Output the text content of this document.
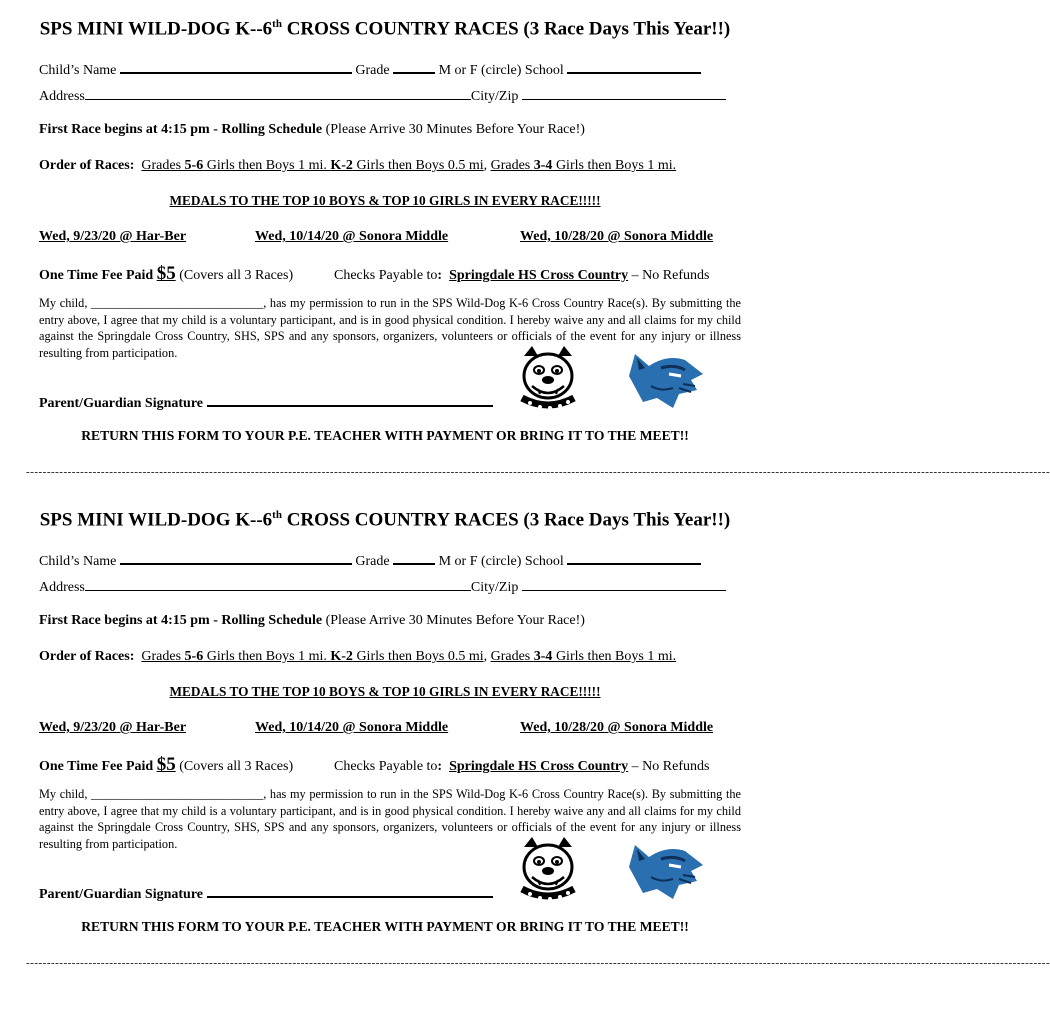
SPS MINI WILD-DOG K--6th CROSS COUNTRY RACES (3 Race Days This Year!!)
Child’s Name	Grade	M or F (circle) School
Address	City/Zip
First Race begins at 4:15 pm - Rolling Schedule (Please Arrive 30 Minutes Before Your Race!)
Order of Races: Grades 5-6 Girls then Boys 1 mi. K-2 Girls then Boys 0.5 mi, Grades 3-4 Girls then Boys 1 mi.
MEDALS TO THE TOP 10 BOYS & TOP 10 GIRLS IN EVERY RACE!!!!!
Wed, 9/23/20 @ Har-Ber	Wed, 10/14/20 @ Sonora Middle	Wed, 10/28/20 @ Sonora Middle
One Time Fee Paid $5 (Covers all 3 Races)	Checks Payable to: Springdale HS Cross Country – No Refunds
My child, ____________________________, has my permission to run in the SPS Wild-Dog K-6 Cross Country Race(s). By submitting the entry above, I agree that my child is a voluntary participant, and is in good physical condition. I hereby waive any and all claims for my child against the Springdale Cross Country, SHS, SPS and any sponsors, organizers, volunteers or officials of the event for any injury or illness resulting from participation.
Parent/Guardian Signature
RETURN THIS FORM TO YOUR P.E. TEACHER WITH PAYMENT OR BRING IT TO THE MEET!!
------------------------------------------------------------------------------------------------------------------------------------------------------------------------------------------------------------------------------------------------------
SPS MINI WILD-DOG K--6th CROSS COUNTRY RACES (3 Race Days This Year!!)
Child’s Name	Grade	M or F (circle) School
Address	City/Zip
First Race begins at 4:15 pm - Rolling Schedule (Please Arrive 30 Minutes Before Your Race!)
Order of Races: Grades 5-6 Girls then Boys 1 mi. K-2 Girls then Boys 0.5 mi, Grades 3-4 Girls then Boys 1 mi.
MEDALS TO THE TOP 10 BOYS & TOP 10 GIRLS IN EVERY RACE!!!!!
Wed, 9/23/20 @ Har-Ber	Wed, 10/14/20 @ Sonora Middle	Wed, 10/28/20 @ Sonora Middle
One Time Fee Paid $5 (Covers all 3 Races)	Checks Payable to: Springdale HS Cross Country – No Refunds
My child, ____________________________, has my permission to run in the SPS Wild-Dog K-6 Cross Country Race(s). By submitting the entry above, I agree that my child is a voluntary participant, and is in good physical condition. I hereby waive any and all claims for my child against the Springdale Cross Country, SHS, SPS and any sponsors, organizers, volunteers or officials of the event for any injury or illness resulting from participation.
Parent/Guardian Signature
RETURN THIS FORM TO YOUR P.E. TEACHER WITH PAYMENT OR BRING IT TO THE MEET!!
------------------------------------------------------------------------------------------------------------------------------------------------------------------------------------------------------------------------------------------------------
